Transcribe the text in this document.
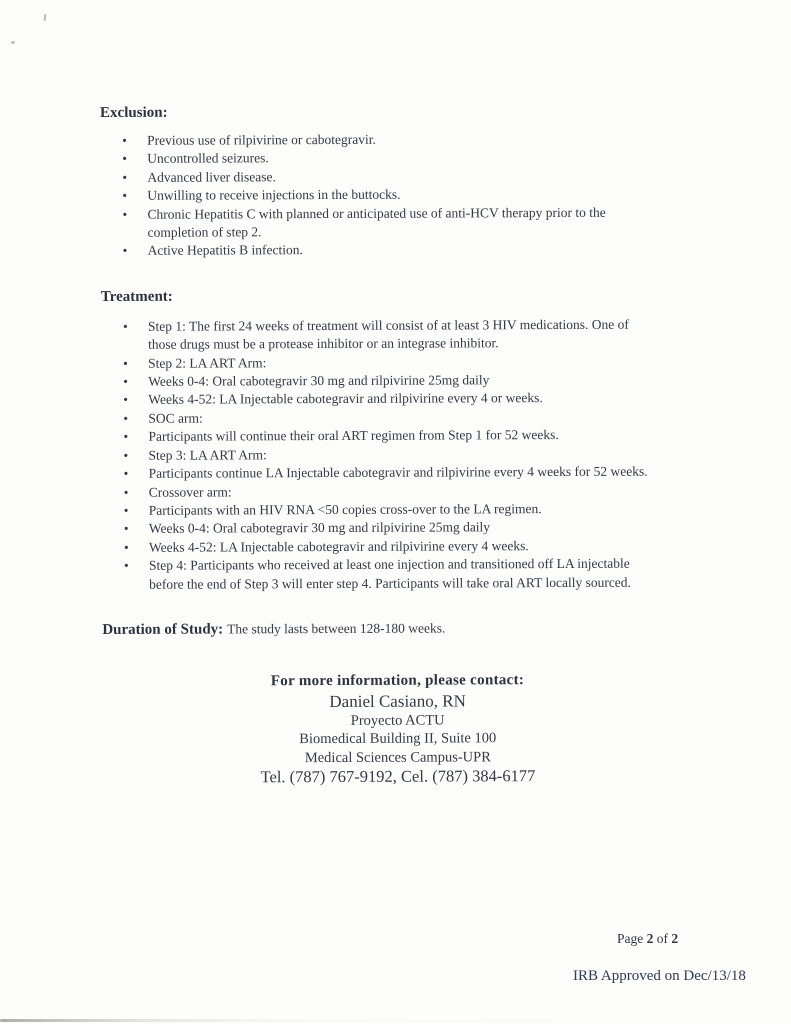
Exclusion:
• Previous use of rilpivirine or cabotegravir.
• Uncontrolled seizures.
• Advanced liver disease.
• Unwilling to receive injections in the buttocks.
• Chronic Hepatitis C with planned or anticipated use of anti-HCV therapy prior to the
completion of step 2.
• Active Hepatitis B infection.
Treatment:
• Step 1: The first 24 weeks of treatment will consist of at least 3 HIV medications. One of
those drugs must be a protease inhibitor or an integrase inhibitor.
• Step 2: LA ART Arm:
• Weeks 0-4: Oral cabotegravir 30 mg and rilpivirine 25mg daily
• Weeks 4-52: LA Injectable cabotegravir and rilpivirine every 4 or weeks.
• SOC arm:
• Participants will continue their oral ART regimen from Step 1 for 52 weeks.
• Step 3: LA ART Arm:
• Participants continue LA Injectable cabotegravir and rilpivirine every 4 weeks for 52 weeks.
• Crossover arm:
• Participants with an HIV RNA <50 copies cross-over to the LA regimen.
• Weeks 0-4: Oral cabotegravir 30 mg and rilpivirine 25mg daily
• Weeks 4-52: LA Injectable cabotegravir and rilpivirine every 4 weeks.
• Step 4: Participants who received at least one injection and transitioned off LA injectable
before the end of Step 3 will enter step 4. Participants will take oral ART locally sourced.

Duration of Study: The study lasts between 128-180 weeks.

For more information, please contact:

Daniel Casiano, RN
Proyecto ACTU
Biomedical Building II, Suite 100
Medical Sciences Campus-UPR
Tel. (787) 767-9192, Cel. (787) 384-6177
Page 2 of 2
IRB Approved on Dec/13/18
